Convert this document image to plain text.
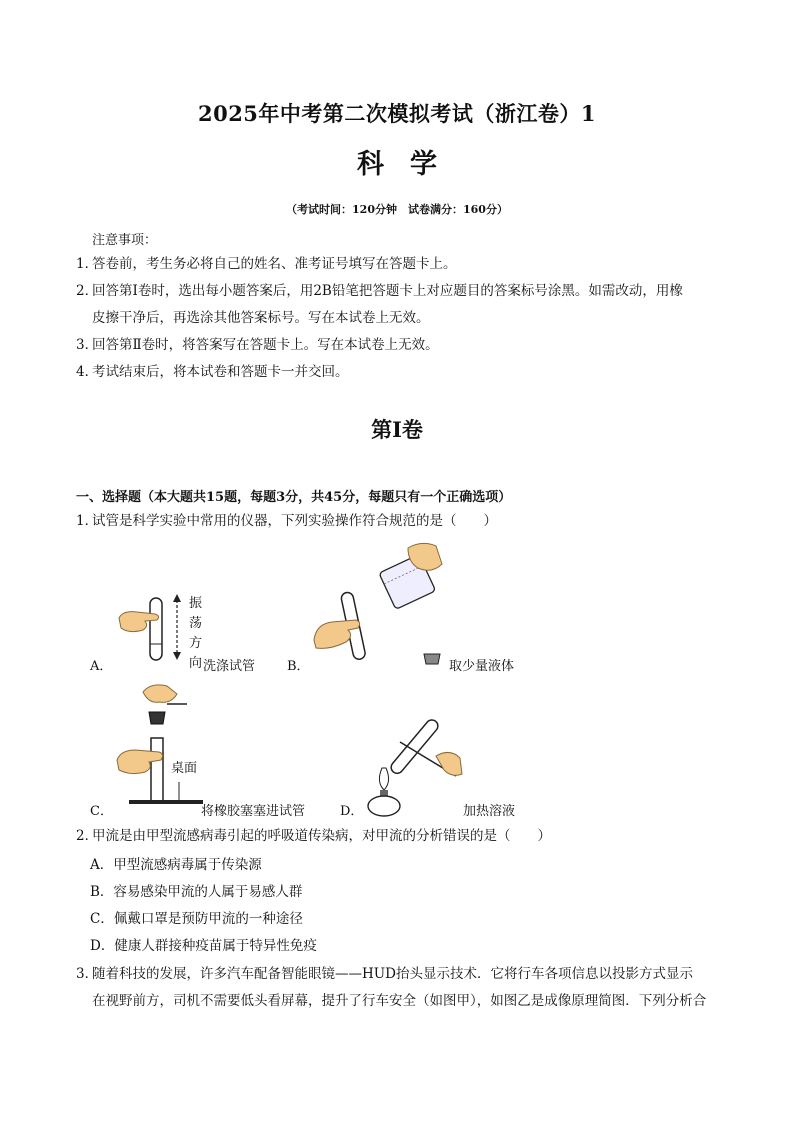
2025年中考第二次模拟考试（浙江卷）1
科学
（考试时间：120分钟　试卷满分：160分）
注意事项：
1．答卷前，考生务必将自己的姓名、准考证号填写在答题卡上。
2．回答第Ⅰ卷时，选出每小题答案后，用2B铅笔把答题卡上对应题目的答案标号涂黑。如需改动，用橡
皮擦干净后，再选涂其他答案标号。写在本试卷上无效。
3．回答第Ⅱ卷时，将答案写在答题卡上。写在本试卷上无效。
4．考试结束后，将本试卷和答题卡一并交回。
第Ⅰ卷
一、选择题（本大题共15题，每题3分，共45分，每题只有一个正确选项）
1．试管是科学实验中常用的仪器，下列实验操作符合规范的是（　　）
A．
振
荡
方
向 洗涤试管 B．	取少量液体
C．
桌面
将橡胶塞塞进试管	D．	加热溶液
2．甲流是由甲型流感病毒引起的呼吸道传染病，对甲流的分析错误的是（　　）
A．甲型流感病毒属于传染源
B．容易感染甲流的人属于易感人群
C．佩戴口罩是预防甲流的一种途径
D．健康人群接种疫苗属于特异性免疫
3．随着科技的发展，许多汽车配备智能眼镜——HUD抬头显示技术．它将行车各项信息以投影方式显示
在视野前方，司机不需要低头看屏幕，提升了行车安全（如图甲），如图乙是成像原理简图．下列分析合
